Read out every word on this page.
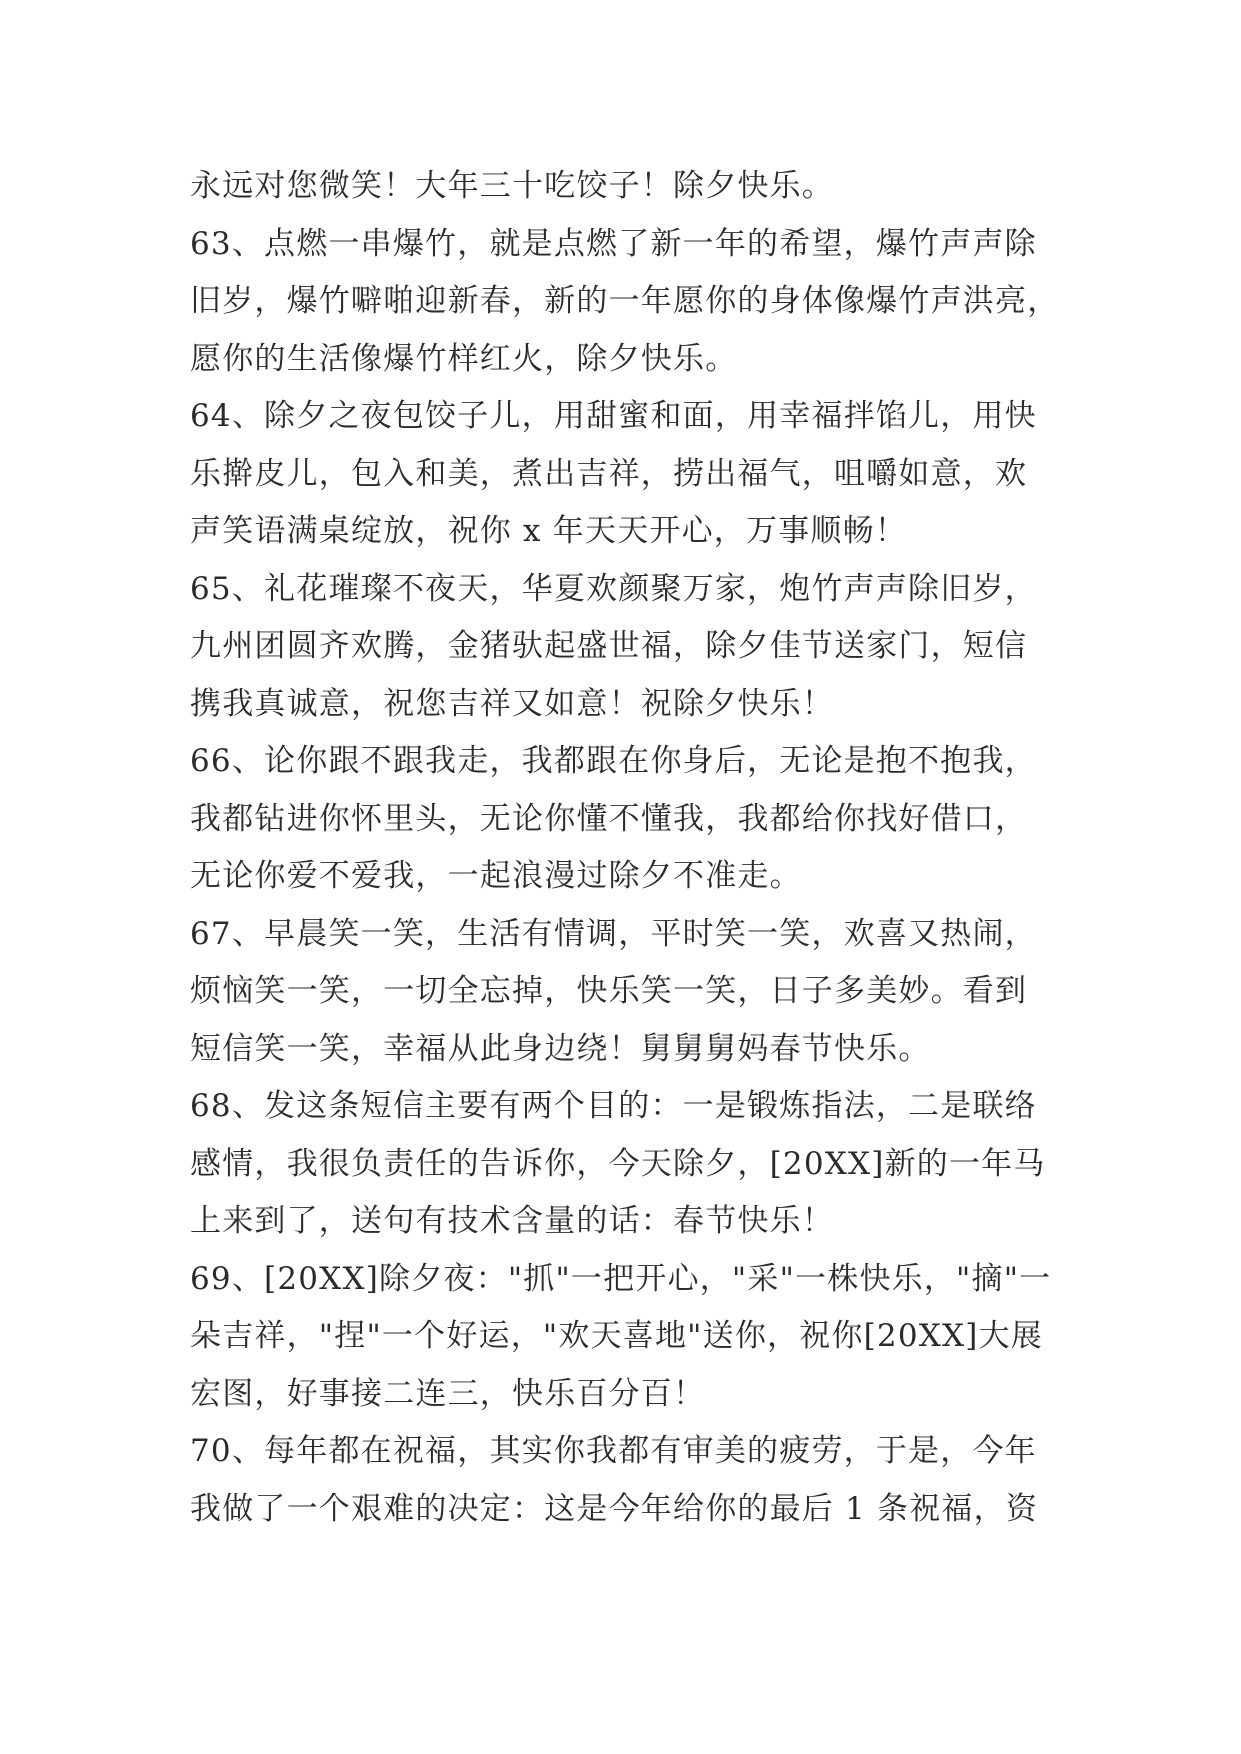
永远对您微笑！大年三十吃饺子！除夕快乐。
63、点燃一串爆竹，就是点燃了新一年的希望，爆竹声声除
旧岁，爆竹噼啪迎新春，新的一年愿你的身体像爆竹声洪亮，
愿你的生活像爆竹样红火，除夕快乐。
64、除夕之夜包饺子儿，用甜蜜和面，用幸福拌馅儿，用快
乐擀皮儿，包入和美，煮出吉祥，捞出福气，咀嚼如意，欢
声笑语满桌绽放，祝你 x 年天天开心，万事顺畅！
65、礼花璀璨不夜天，华夏欢颜聚万家，炮竹声声除旧岁，
九州团圆齐欢腾，金猪驮起盛世福，除夕佳节送家门，短信
携我真诚意，祝您吉祥又如意！祝除夕快乐！
66、论你跟不跟我走，我都跟在你身后，无论是抱不抱我，
我都钻进你怀里头，无论你懂不懂我，我都给你找好借口，
无论你爱不爱我，一起浪漫过除夕不准走。
67、早晨笑一笑，生活有情调，平时笑一笑，欢喜又热闹，
烦恼笑一笑，一切全忘掉，快乐笑一笑，日子多美妙。看到
短信笑一笑，幸福从此身边绕！舅舅舅妈春节快乐。
68、发这条短信主要有两个目的：一是锻炼指法，二是联络
感情，我很负责任的告诉你，今天除夕，[20XX]新的一年马
上来到了，送句有技术含量的话：春节快乐！
69、[20XX]除夕夜："抓"一把开心，"采"一株快乐，"摘"一
朵吉祥，"捏"一个好运，"欢天喜地"送你，祝你[20XX]大展
宏图，好事接二连三，快乐百分百！
70、每年都在祝福，其实你我都有审美的疲劳，于是，今年
我做了一个艰难的决定：这是今年给你的最后 1 条祝福，资
